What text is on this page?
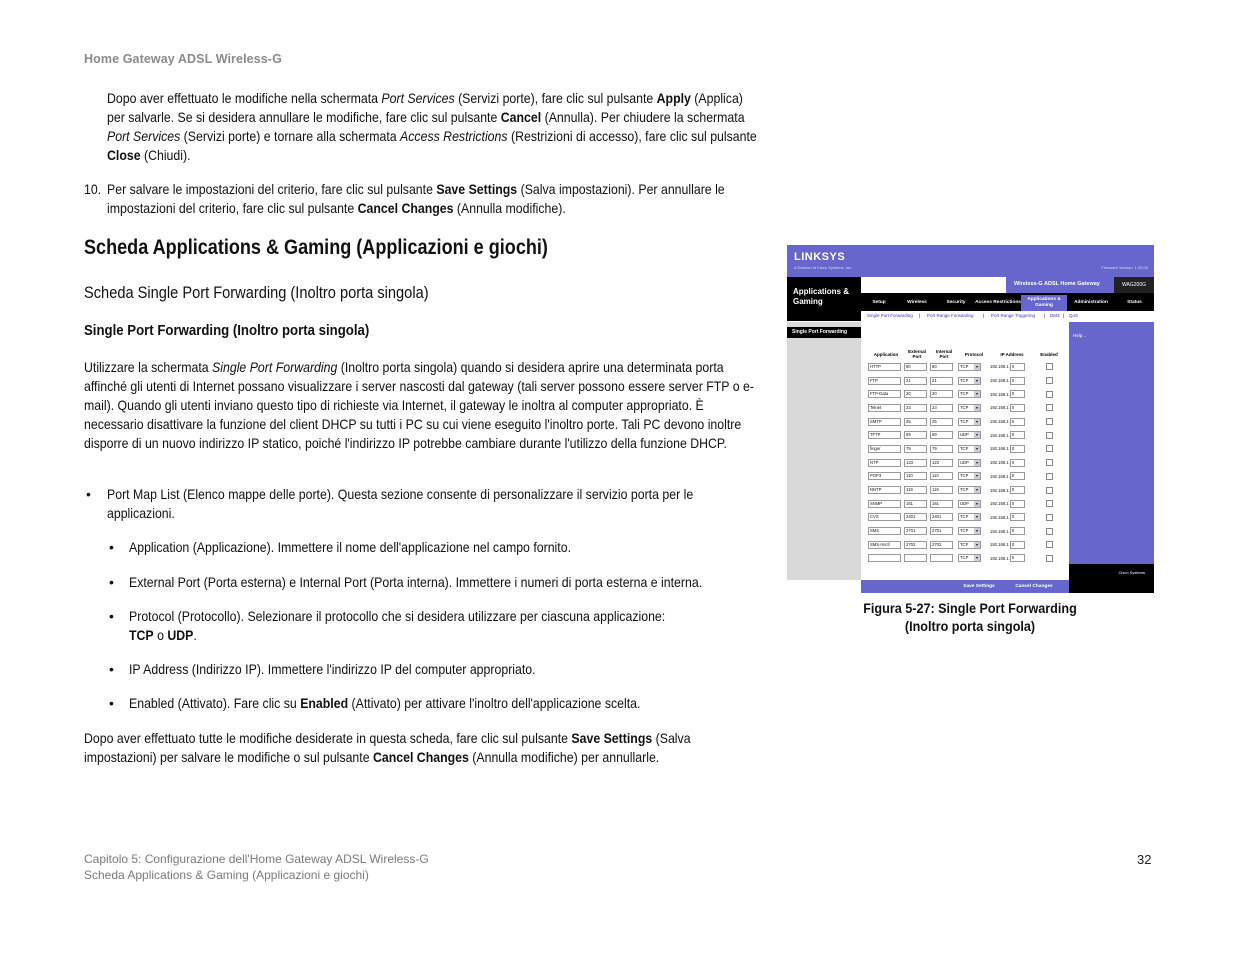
Home Gateway ADSL Wireless-G
Dopo aver effettuato le modifiche nella schermata Port Services (Servizi porte), fare clic sul pulsante Apply (Applica) per salvarle. Se si desidera annullare le modifiche, fare clic sul pulsante Cancel (Annulla). Per chiudere la schermata Port Services (Servizi porte) e tornare alla schermata Access Restrictions (Restrizioni di accesso), fare clic sul pulsante Close (Chiudi).
10. Per salvare le impostazioni del criterio, fare clic sul pulsante Save Settings (Salva impostazioni). Per annullare le impostazioni del criterio, fare clic sul pulsante Cancel Changes (Annulla modifiche).
Scheda Applications & Gaming (Applicazioni e giochi)
Scheda Single Port Forwarding (Inoltro porta singola)
Single Port Forwarding (Inoltro porta singola)
Utilizzare la schermata Single Port Forwarding (Inoltro porta singola) quando si desidera aprire una determinata porta affinché gli utenti di Internet possano visualizzare i server nascosti dal gateway (tali server possono essere server FTP o e-mail). Quando gli utenti inviano questo tipo di richieste via Internet, il gateway le inoltra al computer appropriato. È necessario disattivare la funzione del client DHCP su tutti i PC su cui viene eseguito l'inoltro porte. Tali PC devono inoltre disporre di un nuovo indirizzo IP statico, poiché l'indirizzo IP potrebbe cambiare durante l'utilizzo della funzione DHCP.
• Port Map List (Elenco mappe delle porte). Questa sezione consente di personalizzare il servizio porta per le applicazioni.
• Application (Applicazione). Immettere il nome dell'applicazione nel campo fornito.
• External Port (Porta esterna) e Internal Port (Porta interna). Immettere i numeri di porta esterna e interna.
• Protocol (Protocollo). Selezionare il protocollo che si desidera utilizzare per ciascuna applicazione:
TCP o UDP.
• IP Address (Indirizzo IP). Immettere l'indirizzo IP del computer appropriato.
• Enabled (Attivato). Fare clic su Enabled (Attivato) per attivare l'inoltro dell'applicazione scelta.
Dopo aver effettuato tutte le modifiche desiderate in questa scheda, fare clic sul pulsante Save Settings (Salva impostazioni) per salvare le modifiche o sul pulsante Cancel Changes (Annulla modifiche) per annullarle.
LINKSYS
A Division of Cisco Systems, Inc.	Firmware Version: 1.00.00
Applications & Gaming
Wireless-G ADSL Home Gateway	WAG200G
Setup	Wireless	Security	Access Restrictions
Applications & Gaming
Administration	Status
Single Port Forwarding | Port Range Forwarding | Port Range Triggering | DMZ | QoS
Single Port Forwarding
Help...
Application	External Port	Internal Port	Protocol	IP Address	Enabled

HTTP	80	80	TCP ▾	192.168.1. 0	

FTP	21	21	TCP ▾	192.168.1. 0	

FTP-Data	20	20	TCP ▾	192.168.1. 0	

Telnet	23	23	TCP ▾	192.168.1. 0	

SMTP	25	25	TCP ▾	192.168.1. 0	

TFTP	69	69	UDP ▾	192.168.1. 0	

finger	79	79	TCP ▾	192.168.1. 0	

NTP	123	123	UDP ▾	192.168.1. 0	

POP3	110	110	TCP ▾	192.168.1. 0	

NNTP	119	119	TCP ▾	192.168.1. 0	

SNMP	161	161	UDP ▾	192.168.1. 0	

CVS	2401	2401	TCP ▾	192.168.1. 0	

SMS	2701	2701	TCP ▾	192.168.1. 0	

SMS-rmctl	2702	2702	TCP ▾	192.168.1. 0	

			TCP ▾	192.168.1. 0	

Save Settings	Cancel Changes
Cisco Systems
Figura 5-27: Single Port Forwarding
(Inoltro porta singola)
Capitolo 5: Configurazione dell'Home Gateway ADSL Wireless-G
Scheda Applications & Gaming (Applicazioni e giochi)
32
